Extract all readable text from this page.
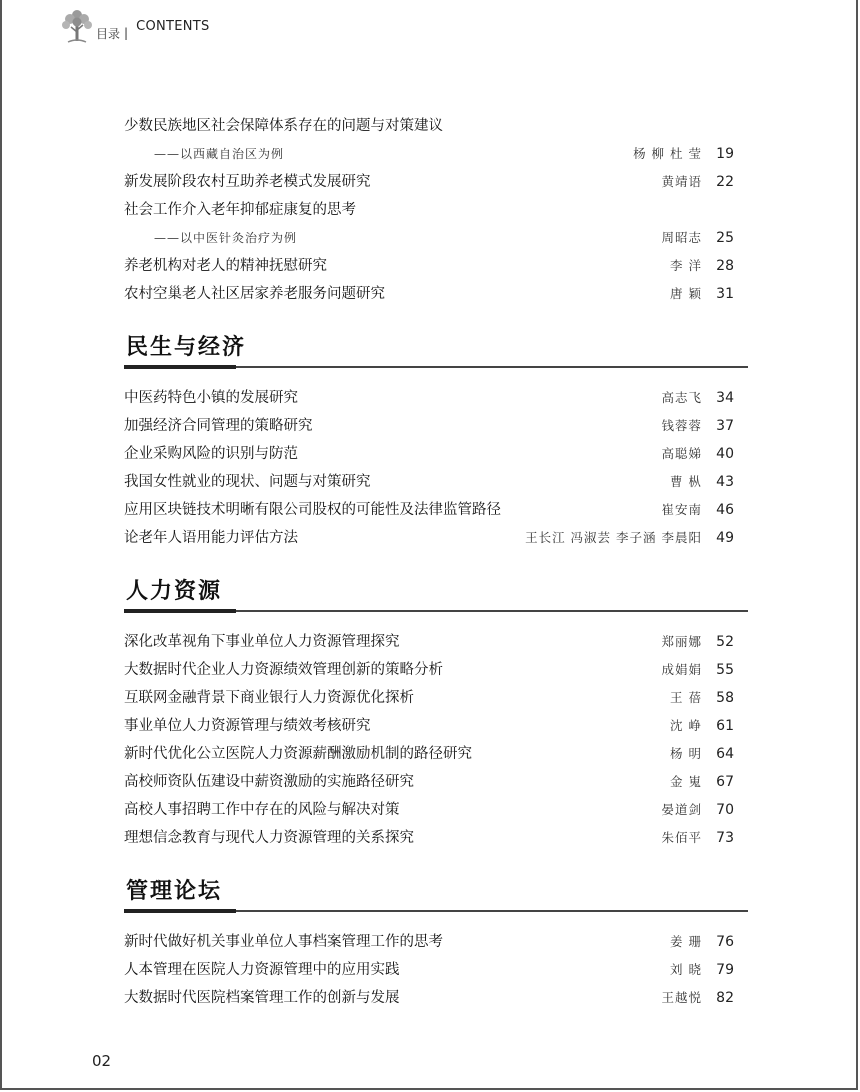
目录 | CONTENTS
少数民族地区社会保障体系存在的问题与对策建议
——以西藏自治区为例	杨 柳 杜 莹	19
新发展阶段农村互助养老模式发展研究	黄靖语	22
社会工作介入老年抑郁症康复的思考
——以中医针灸治疗为例	周昭志	25
养老机构对老人的精神抚慰研究	李 洋	28
农村空巢老人社区居家养老服务问题研究	唐 颖	31
民生与经济
中医药特色小镇的发展研究	高志飞	34
加强经济合同管理的策略研究	钱蓉蓉	37
企业采购风险的识别与防范	高聪娣	40
我国女性就业的现状、问题与对策研究	曹 枞	43
应用区块链技术明晰有限公司股权的可能性及法律监管路径	崔安南	46
论老年人语用能力评估方法	王长江 冯淑芸 李子涵 李晨阳	49
人力资源
深化改革视角下事业单位人力资源管理探究	郑丽娜	52
大数据时代企业人力资源绩效管理创新的策略分析	成娟娟	55
互联网金融背景下商业银行人力资源优化探析	王 蓓	58
事业单位人力资源管理与绩效考核研究	沈 峥	61
新时代优化公立医院人力资源薪酬激励机制的路径研究	杨 明	64
高校师资队伍建设中薪资激励的实施路径研究	金 嵬	67
高校人事招聘工作中存在的风险与解决对策	晏道剑	70
理想信念教育与现代人力资源管理的关系探究	朱佰平	73
管理论坛
新时代做好机关事业单位人事档案管理工作的思考	姜 珊	76
人本管理在医院人力资源管理中的应用实践	刘 晓	79
大数据时代医院档案管理工作的创新与发展	王越悦	82
02
